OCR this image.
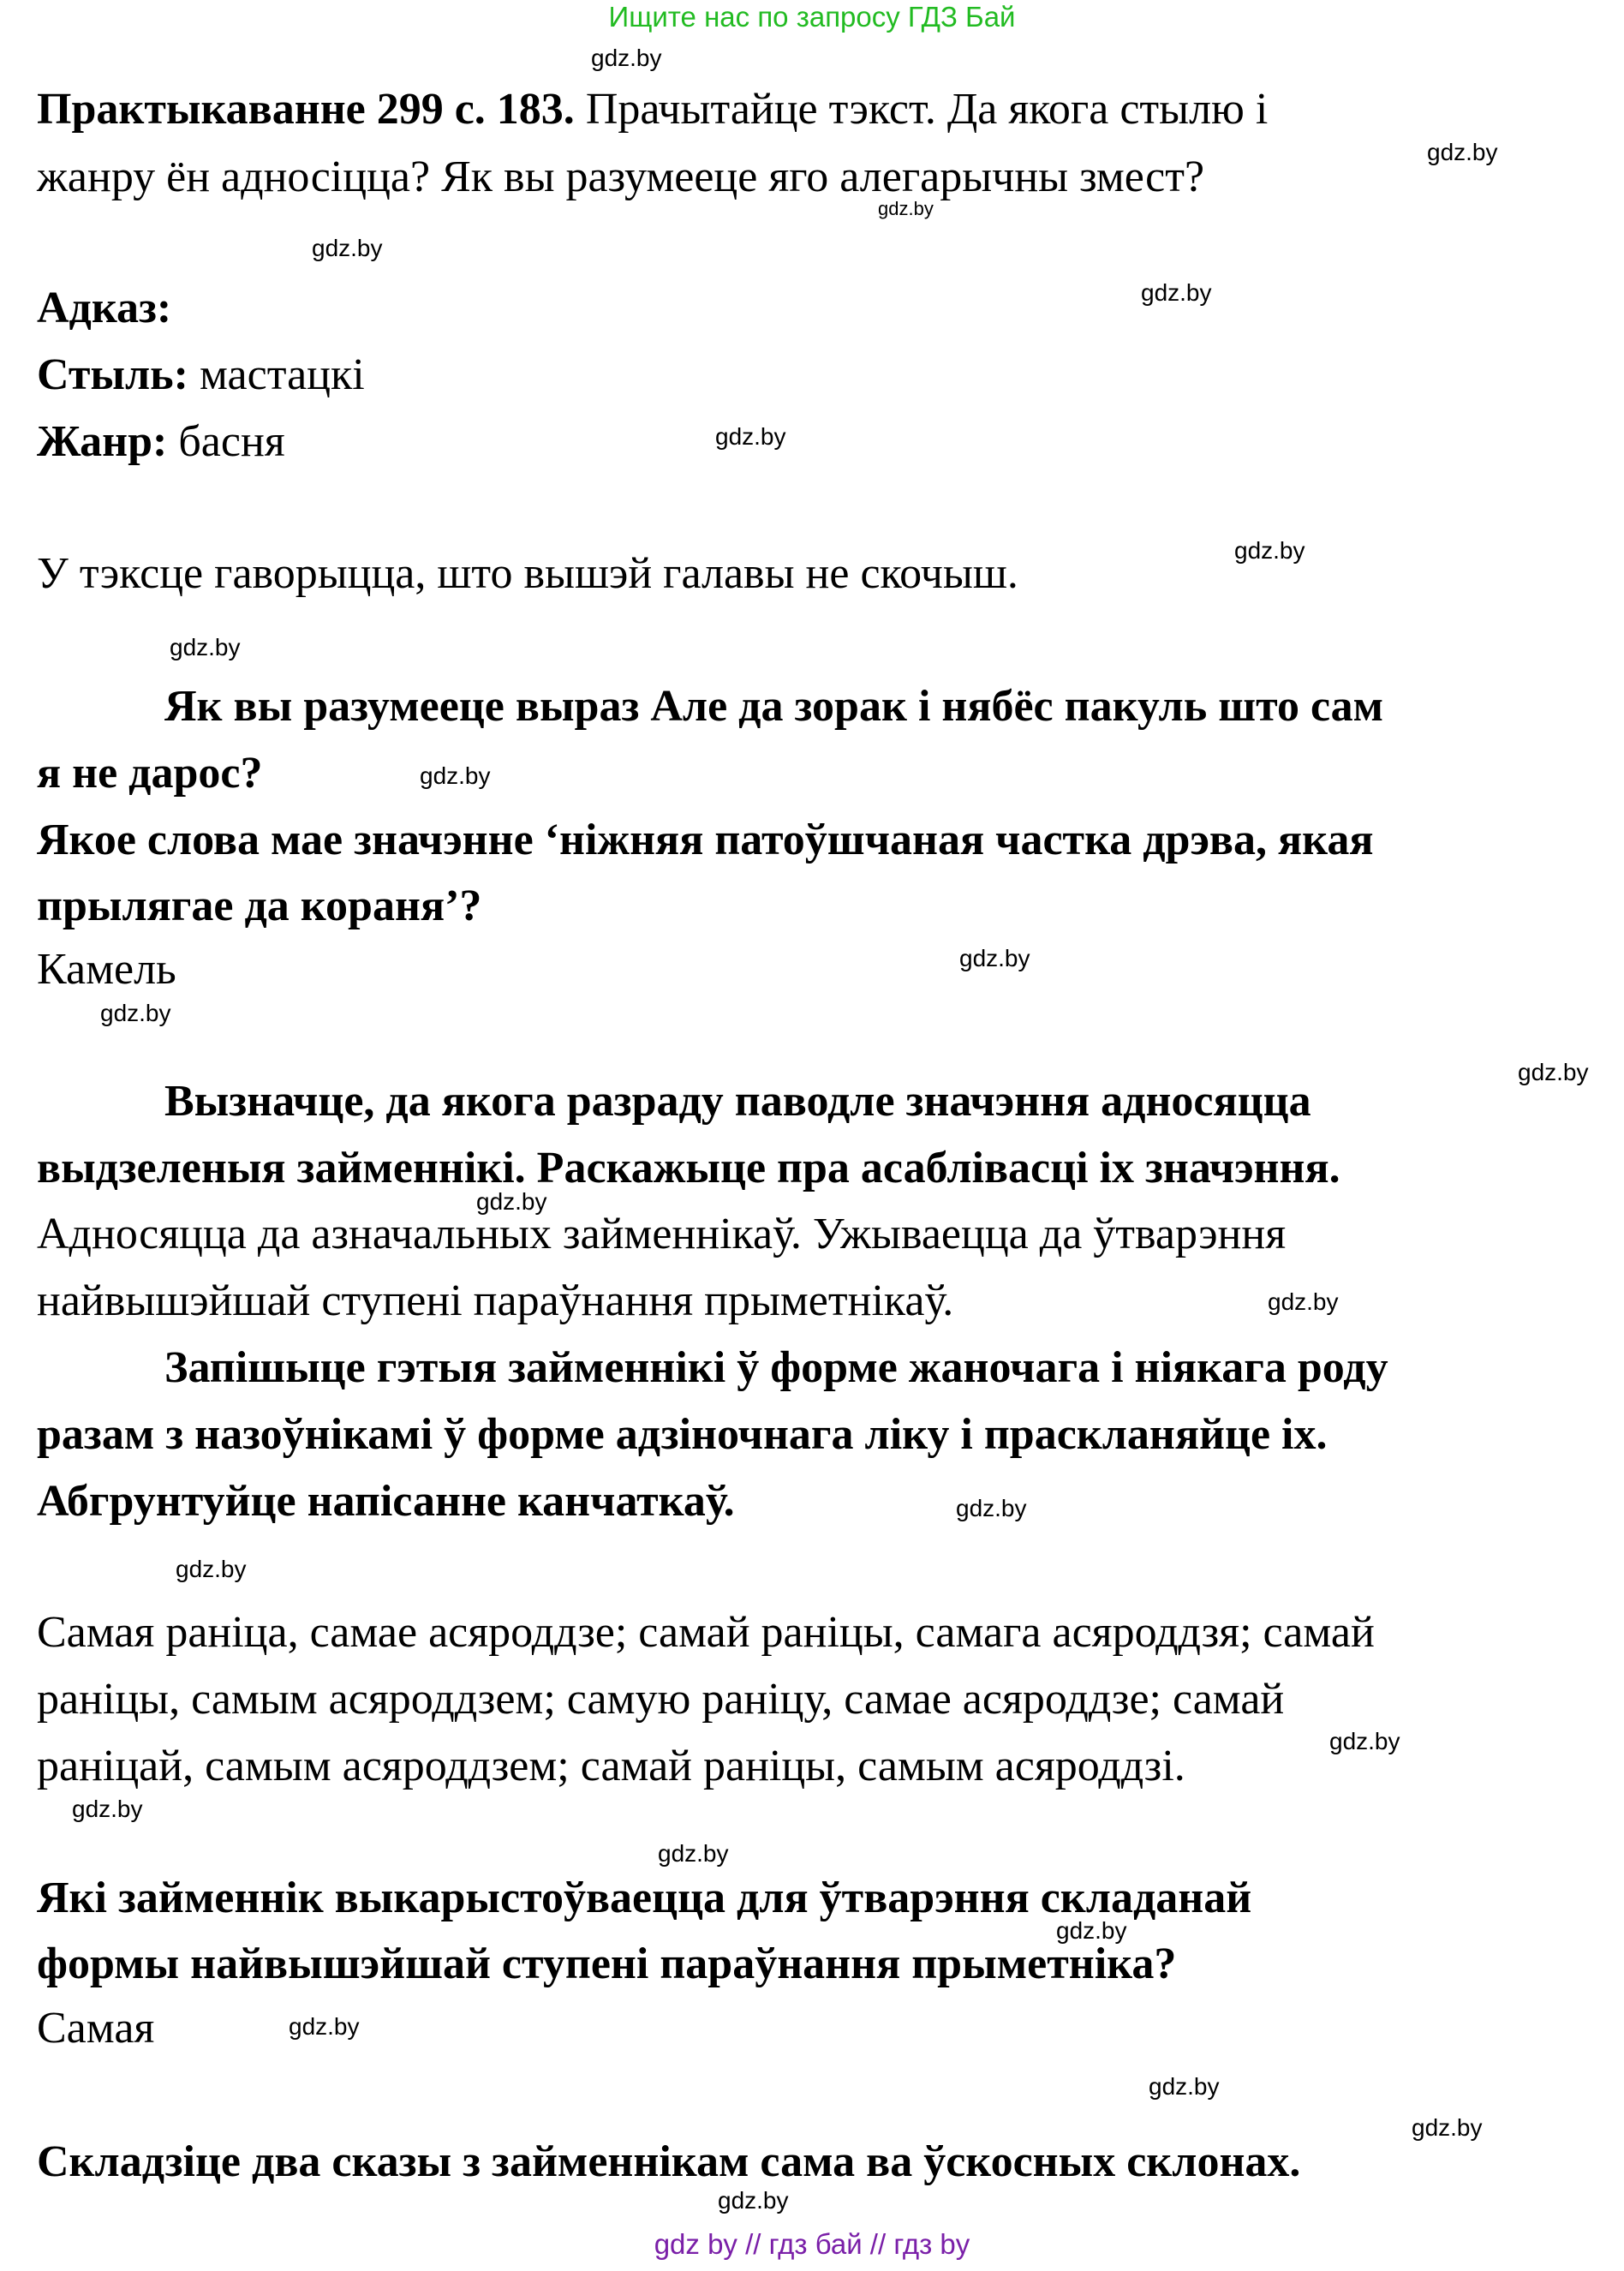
Ищите нас по запросу ГДЗ Бай
gdz.by
gdz.by
gdz.by
gdz.by
gdz.by
gdz.by
gdz.by
gdz.by
gdz.by
gdz.by
gdz.by
gdz.by
gdz.by
gdz.by
gdz.by
gdz.by
gdz.by
gdz.by
gdz.by
gdz.by
gdz.by
gdz.by
gdz.by
gdz.by
Практыкаванне 299 с. 183. Прачытайце тэкст. Да якога стылю і
жанру ён адносіцца? Як вы разумееце яго алегарычны змест?
Адказ:
Стыль: мастацкі
Жанр: басня
У тэксце гаворыцца, што вышэй галавы не скочыш.
Як вы разумееце выраз Але да зорак і нябёс пакуль што сам
я не дарос?
Якое слова мае значэнне ‘ніжняя патоўшчаная частка дрэва, якая
прылягае да кораня’?
Камель
Вызначце, да якога разраду паводле значэння адносяцца
выдзеленыя займеннікі. Раскажыце пра асаблівасці іх значэння.
Адносяцца да азначальных займеннікаў. Ужываецца да ўтварэння
найвышэйшай ступені параўнання прыметнікаў.
Запішыце гэтыя займеннікі ў форме жаночага і ніякага роду
разам з назоўнікамі ў форме адзіночнага ліку і праскланяйце іх.
Абгрунтуйце напісанне канчаткаў.
Самая раніца, самае асяроддзе; самай раніцы, самага асяроддзя; самай
раніцы, самым асяроддзем; самую раніцу, самае асяроддзе; самай
раніцай, самым асяроддзем; самай раніцы, самым асяроддзі.
Які займеннік выкарыстоўваецца для ўтварэння складанай
формы найвышэйшай ступені параўнання прыметніка?
Самая
Складзіце два сказы з займеннікам сама ва ўскосных склонах.
gdz by // гдз бай // гдз by
